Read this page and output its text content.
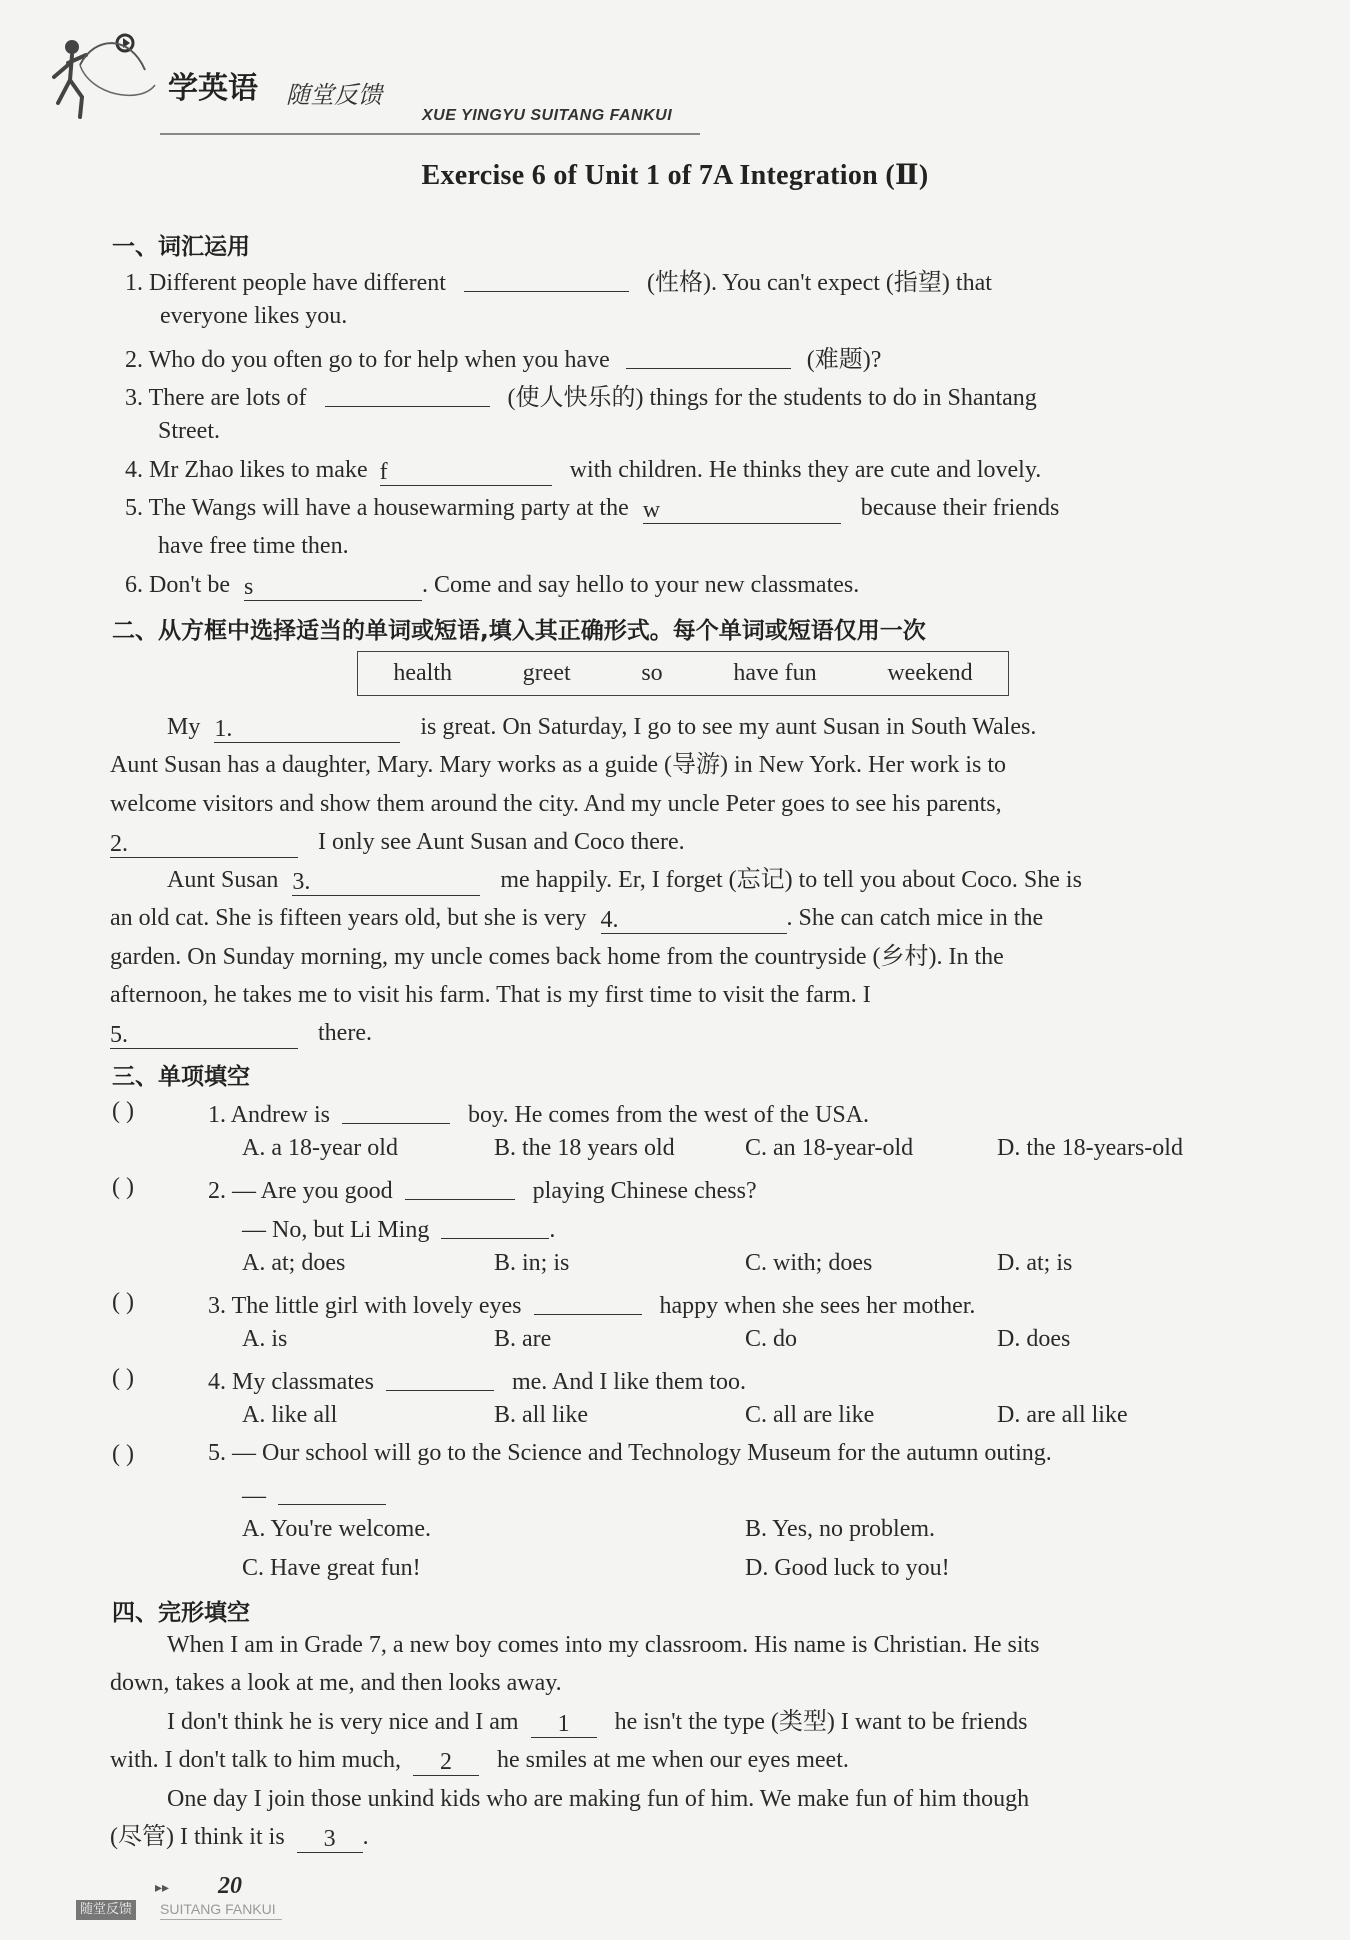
学英语 随堂反馈
XUE YINGYU SUITANG FANKUI
Exercise 6 of Unit 1 of 7A Integration (Ⅱ)
一、词汇运用
1. Different people have different	(性格). You can't expect (指望) that
everyone likes you.
2. Who do you often go to for help when you have	(难题)?
3. There are lots of	(使人快乐的) things for the students to do in Shantang
Street.
4. Mr Zhao likes to make f	with children. He thinks they are cute and lovely.
5. The Wangs will have a housewarming party at the w	because their friends
have free time then.
6. Don't be s	. Come and say hello to your new classmates.
二、从方框中选择适当的单词或短语,填入其正确形式。每个单词或短语仅用一次
health	greet	so	have fun	weekend
My 1.	is great. On Saturday, I go to see my aunt Susan in South Wales.
Aunt Susan has a daughter, Mary. Mary works as a guide (导游) in New York. Her work is to
welcome visitors and show them around the city. And my uncle Peter goes to see his parents,
2.	I only see Aunt Susan and Coco there.
Aunt Susan 3.	me happily. Er, I forget (忘记) to tell you about Coco. She is
an old cat. She is fifteen years old, but she is very 4.	. She can catch mice in the
garden. On Sunday morning, my uncle comes back home from the countryside (乡村). In the
afternoon, he takes me to visit his farm. That is my first time to visit the farm. I
5.	there.
三、单项填空
( )	1. Andrew is	boy. He comes from the west of the USA.
A. a 18-year old	B. the 18 years old	C. an 18-year-old	D. the 18-years-old
( )	2. — Are you good	playing Chinese chess?
— No, but Li Ming	.
A. at; does	B. in; is	C. with; does	D. at; is
( )	3. The little girl with lovely eyes	happy when she sees her mother.
A. is	B. are	C. do	D. does
( )	4. My classmates	me. And I like them too.
A. like all	B. all like	C. all are like	D. are all like
( )	5. — Our school will go to the Science and Technology Museum for the autumn outing.
—
A. You're welcome.	B. Yes, no problem.
C. Have great fun!	D. Good luck to you!
四、完形填空
When I am in Grade 7, a new boy comes into my classroom. His name is Christian. He sits
down, takes a look at me, and then looks away.
I don't think he is very nice and I am 1 he isn't the type (类型) I want to be friends
with. I don't talk to him much, 2 he smiles at me when our eyes meet.
One day I join those unkind kids who are making fun of him. We make fun of him though
(尽管) I think it is 3 .
▸▸ 20
随堂反馈 SUITANG FANKUI
